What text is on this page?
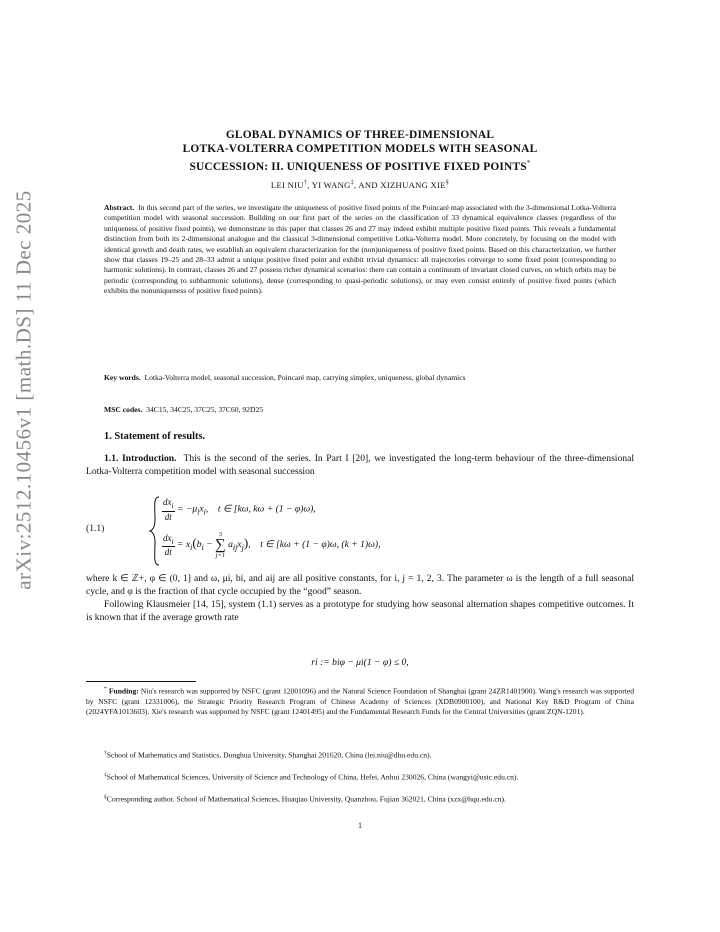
arXiv:2512.10456v1 [math.DS] 11 Dec 2025
GLOBAL DYNAMICS OF THREE-DIMENSIONAL
LOTKA-VOLTERRA COMPETITION MODELS WITH SEASONAL
SUCCESSION: II. UNIQUENESS OF POSITIVE FIXED POINTS*
LEI NIU†, YI WANG‡, AND XIZHUANG XIE§
Abstract. In this second part of the series, we investigate the uniqueness of positive fixed points of the Poincaré map associated with the 3-dimensional Lotka-Volterra competition model with seasonal succession. Building on our first part of the series on the classification of 33 dynamical equivalence classes (regardless of the uniqueness of positive fixed points), we demonstrate in this paper that classes 26 and 27 may indeed exhibit multiple positive fixed points. This reveals a fundamental distinction from both its 2-dimensional analogue and the classical 3-dimensional competitive Lotka-Volterra model. More concretely, by focusing on the model with identical growth and death rates, we establish an equivalent characterization for the (non)uniqueness of positive fixed points. Based on this characterization, we further show that classes 19–25 and 28–33 admit a unique positive fixed point and exhibit trivial dynamics: all trajectories converge to some fixed point (corresponding to harmonic solutions). In contrast, classes 26 and 27 possess richer dynamical scenarios: there can contain a continuum of invariant closed curves, on which orbits may be periodic (corresponding to subharmonic solutions), dense (corresponding to quasi-periodic solutions), or may even consist entirely of positive fixed points (which exhibits the nonuniqueness of positive fixed points).
Key words. Lotka-Volterra model, seasonal succession, Poincaré map, carrying simplex, uniqueness, global dynamics
MSC codes. 34C15, 34C25, 37C25, 37C60, 92D25
1. Statement of results.
1.1. Introduction. This is the second of the series. In Part I [20], we investigated the long-term behaviour of the three-dimensional Lotka-Volterra competition model with seasonal succession
(1.1)
$\frac{dx_i}{dt} = -\mu_ix_i$,    t ∈ [kω, kω + (1 − φ)ω),
$\frac{dx_i}{dt} = x_i(b_i$ −
3
∑
j=1
$a_{ij}x_j$),    t ∈ [kω + (1 − φ)ω, (k + 1)ω),
where k ∈ ℤ+, φ ∈ (0, 1] and ω, μi, bi, and aij are all positive constants, for i, j = 1, 2, 3. The parameter ω is the length of a full seasonal cycle, and φ is the fraction of that cycle occupied by the “good” season.
Following Klausmeier [14, 15], system (1.1) serves as a prototype for studying how seasonal alternation shapes competitive outcomes. It is known that if the average growth rate
ri := biφ − μi(1 − φ) ≤ 0,
* Funding: Niu's research was supported by NSFC (grant 12001096) and the Natural Science Foundation of Shanghai (grant 24ZR1401900). Wang's research was supported by NSFC (grant 12331006), the Strategic Priority Research Program of Chinese Academy of Sciences (XDB0900100), and National Key R&D Program of China (2024YFA1013603). Xie's research was supported by NSFC (grant 12401495) and the Fundamental Research Funds for the Central Universities (grant ZQN-1201).
†School of Mathematics and Statistics, Donghua University, Shanghai 201620, China (lei.niu@dhu.edu.cn).
‡School of Mathematical Sciences, University of Science and Technology of China, Hefei, Anhui 230026, China (wangyi@ustc.edu.cn).
§Corresponding author. School of Mathematical Sciences, Huaqiao University, Quanzhou, Fujian 362021, China (xzx@hqu.edu.cn).
1
